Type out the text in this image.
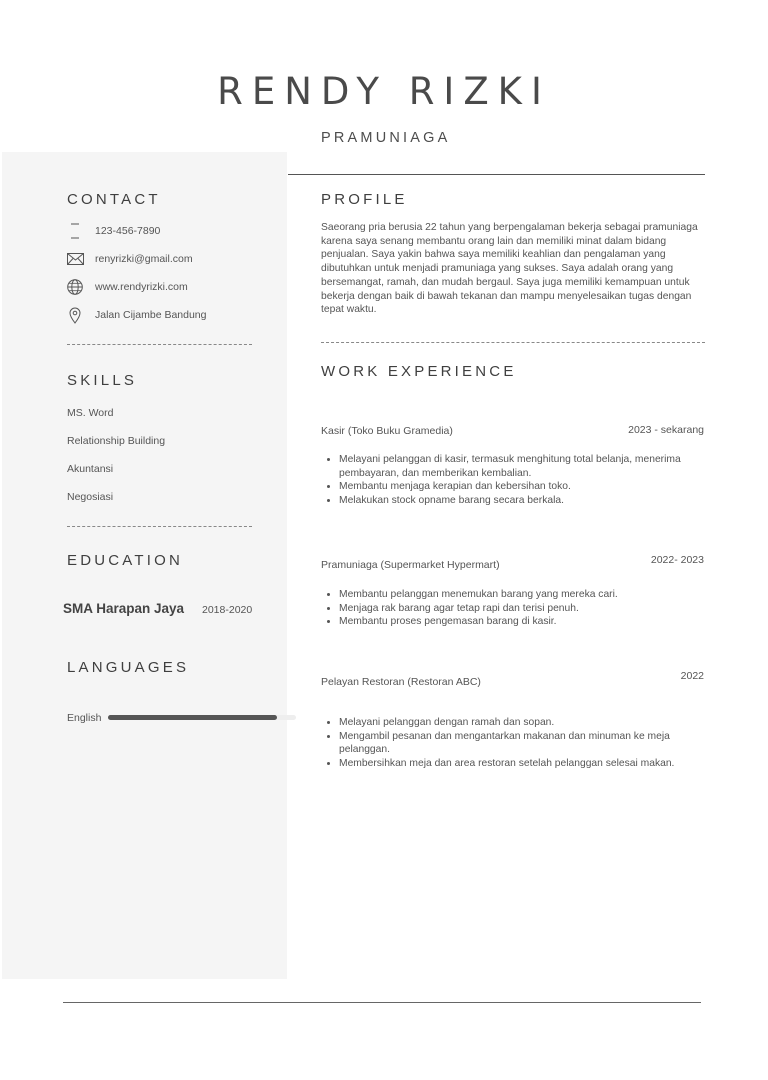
RENDY RIZKI
PRAMUNIAGA
CONTACT
123-456-7890
renyrizki@gmail.com
www.rendyrizki.com
Jalan Cijambe Bandung
SKILLS
MS. Word
Relationship Building
Akuntansi
Negosiasi
EDUCATION
SMA Harapan Jaya 2018-2020
LANGUAGES
English
PROFILE
Saeorang pria berusia 22 tahun yang berpengalaman bekerja sebagai pramuniaga karena saya senang membantu orang lain dan memiliki minat dalam bidang penjualan. Saya yakin bahwa saya memiliki keahlian dan pengalaman yang dibutuhkan untuk menjadi pramuniaga yang sukses. Saya adalah orang yang bersemangat, ramah, dan mudah bergaul. Saya juga memiliki kemampuan untuk bekerja dengan baik di bawah tekanan dan mampu menyelesaikan tugas dengan tepat waktu.
WORK EXPERIENCE
Kasir (Toko Buku Gramedia)	2023 - sekarang
• Melayani pelanggan di kasir, termasuk menghitung total belanja, menerima pembayaran, dan memberikan kembalian.
• Membantu menjaga kerapian dan kebersihan toko.
• Melakukan stock opname barang secara berkala.
Pramuniaga (Supermarket Hypermart)	2022- 2023
• Membantu pelanggan menemukan barang yang mereka cari.
• Menjaga rak barang agar tetap rapi dan terisi penuh.
• Membantu proses pengemasan barang di kasir.
Pelayan Restoran (Restoran ABC)	2022
• Melayani pelanggan dengan ramah dan sopan.
• Mengambil pesanan dan mengantarkan makanan dan minuman ke meja pelanggan.
• Membersihkan meja dan area restoran setelah pelanggan selesai makan.
